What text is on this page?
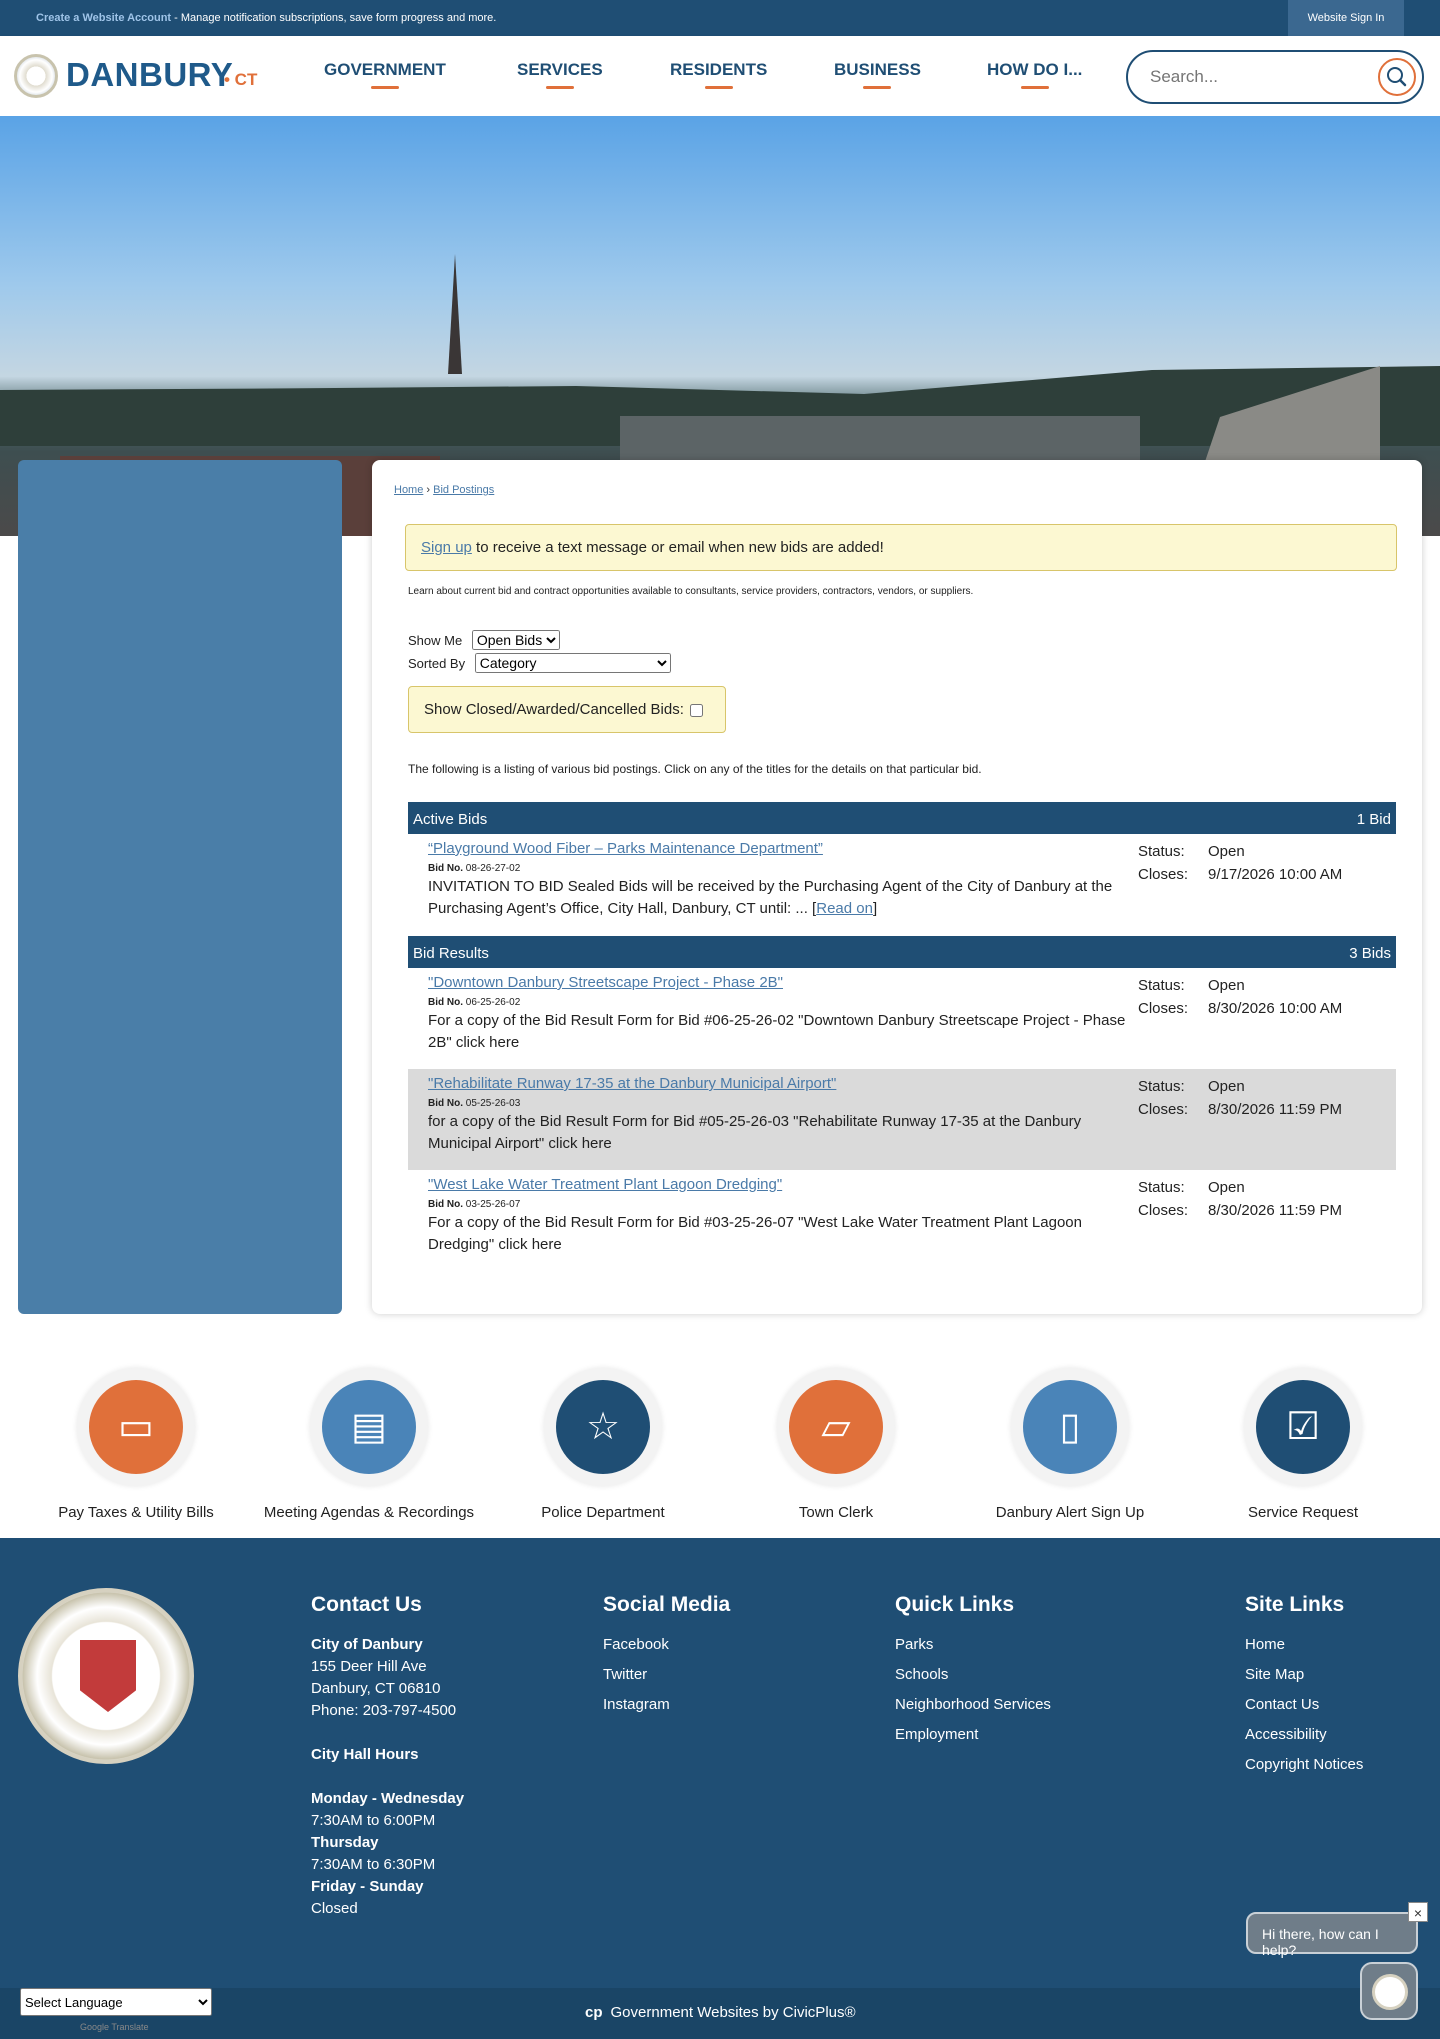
Create a Website Account - Manage notification subscriptions, save form progress and more.	Website Sign In
DANBURY
• CT
GOVERNMENT	SERVICES	RESIDENTS	BUSINESS	HOW DO I...
Search...
Home › Bid Postings
Sign up to receive a text message or email when new bids are added!
Learn about current bid and contract opportunities available to consultants, service providers, contractors, vendors, or suppliers.
Show Me
Open Bids
Sorted By
Category
Show Closed/Awarded/Cancelled Bids:
The following is a listing of various bid postings. Click on any of the titles for the details on that particular bid.
Active Bids	1 Bid
“Playground Wood Fiber – Parks Maintenance Department”
Bid No. 08-26-27-02
INVITATION TO BID Sealed Bids will be received by the Purchasing Agent of the City of Danbury at the Purchasing Agent’s Office, City Hall, Danbury, CT until: ... [Read on]
Status: Open
Closes: 9/17/2026 10:00 AM
Bid Results	3 Bids
"Downtown Danbury Streetscape Project - Phase 2B"
Bid No. 06-25-26-02
For a copy of the Bid Result Form for Bid #06-25-26-02 "Downtown Danbury Streetscape Project - Phase 2B" click here
Status: Open
Closes: 8/30/2026 10:00 AM
"Rehabilitate Runway 17-35 at the Danbury Municipal Airport"
Bid No. 05-25-26-03
for a copy of the Bid Result Form for Bid #05-25-26-03 "Rehabilitate Runway 17-35 at the Danbury Municipal Airport" click here
Status: Open
Closes: 8/30/2026 11:59 PM
"West Lake Water Treatment Plant Lagoon Dredging"
Bid No. 03-25-26-07
For a copy of the Bid Result Form for Bid #03-25-26-07 "West Lake Water Treatment Plant Lagoon Dredging" click here
Status: Open
Closes: 8/30/2026 11:59 PM
▭
Pay Taxes & Utility Bills
▤
Meeting Agendas & Recordings
☆
Police Department
▱
Town Clerk
▯
Danbury Alert Sign Up
☑
Service Request
Contact Us
City of Danbury
155 Deer Hill Ave
Danbury, CT 06810
Phone: 203-797-4500
City Hall Hours
Monday - Wednesday
7:30AM to 6:00PM
Thursday
7:30AM to 6:30PM
Friday - Sunday
Closed
Social Media
Facebook
Twitter
Instagram
Quick Links
Parks
Schools
Neighborhood Services
Employment
Site Links
Home
Site Map
Contact Us
Accessibility
Copyright Notices
cp Government Websites by CivicPlus®
Select Language
Google Translate
Hi there, how can I help?
×
